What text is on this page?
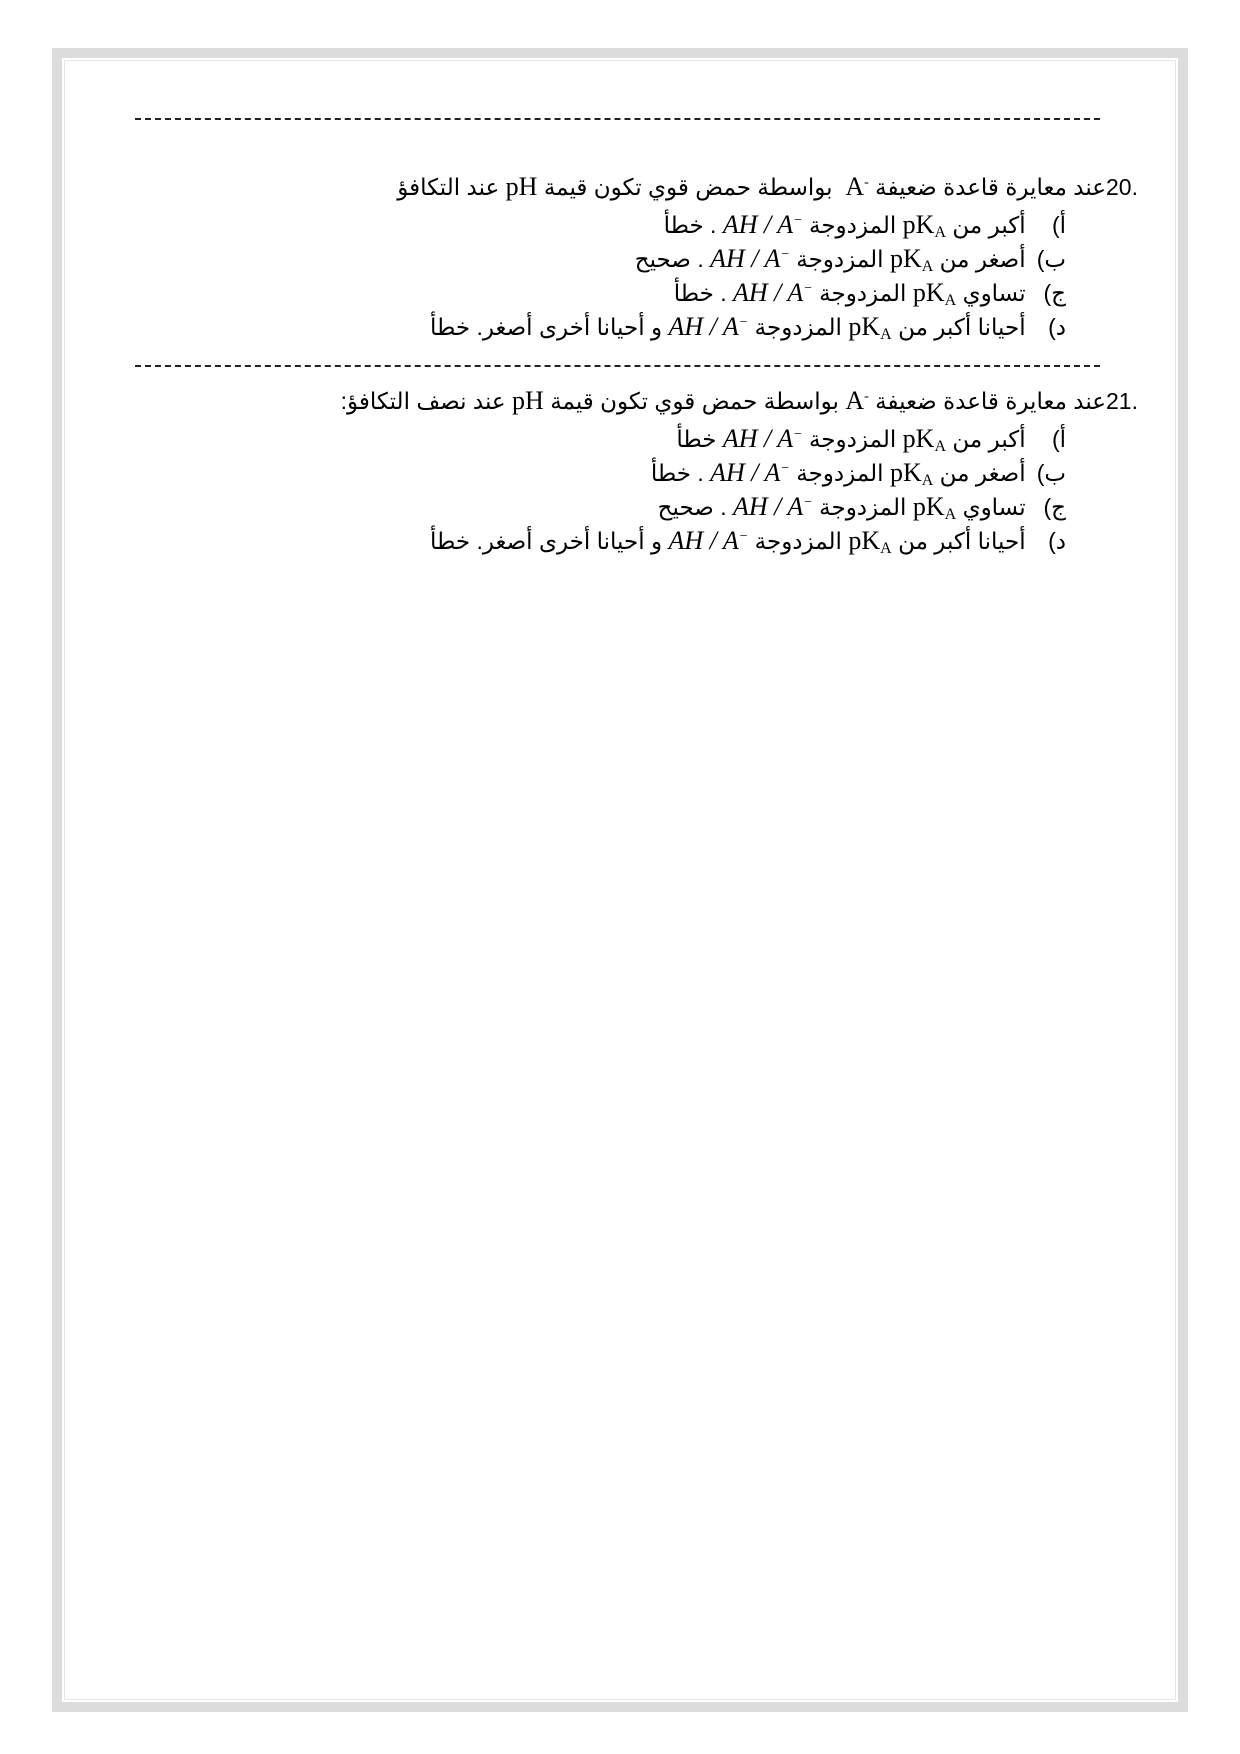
20.عند معايرة قاعدة ضعيفة A-  بواسطة حمض قوي تكون قيمة pH عند التكافؤ
أ) أكبر من $pK_A$ المزدوجة AH / A− . خطأ
ب) أصغر من $pK_A$ المزدوجة AH / A− . صحيح
ج) تساوي $pK_A$ المزدوجة AH / A− . خطأ
د) أحيانا أكبر من $pK_A$ المزدوجة AH / A− و أحيانا أخرى أصغر. خطأ
21.عند معايرة قاعدة ضعيفة A- بواسطة حمض قوي تكون قيمة pH عند نصف التكافؤ:
أ) أكبر من $pK_A$ المزدوجة AH / A− خطأ
ب) أصغر من $pK_A$ المزدوجة AH / A− . خطأ
ج) تساوي $pK_A$ المزدوجة AH / A− . صحيح
د) أحيانا أكبر من $pK_A$ المزدوجة AH / A− و أحيانا أخرى أصغر. خطأ
